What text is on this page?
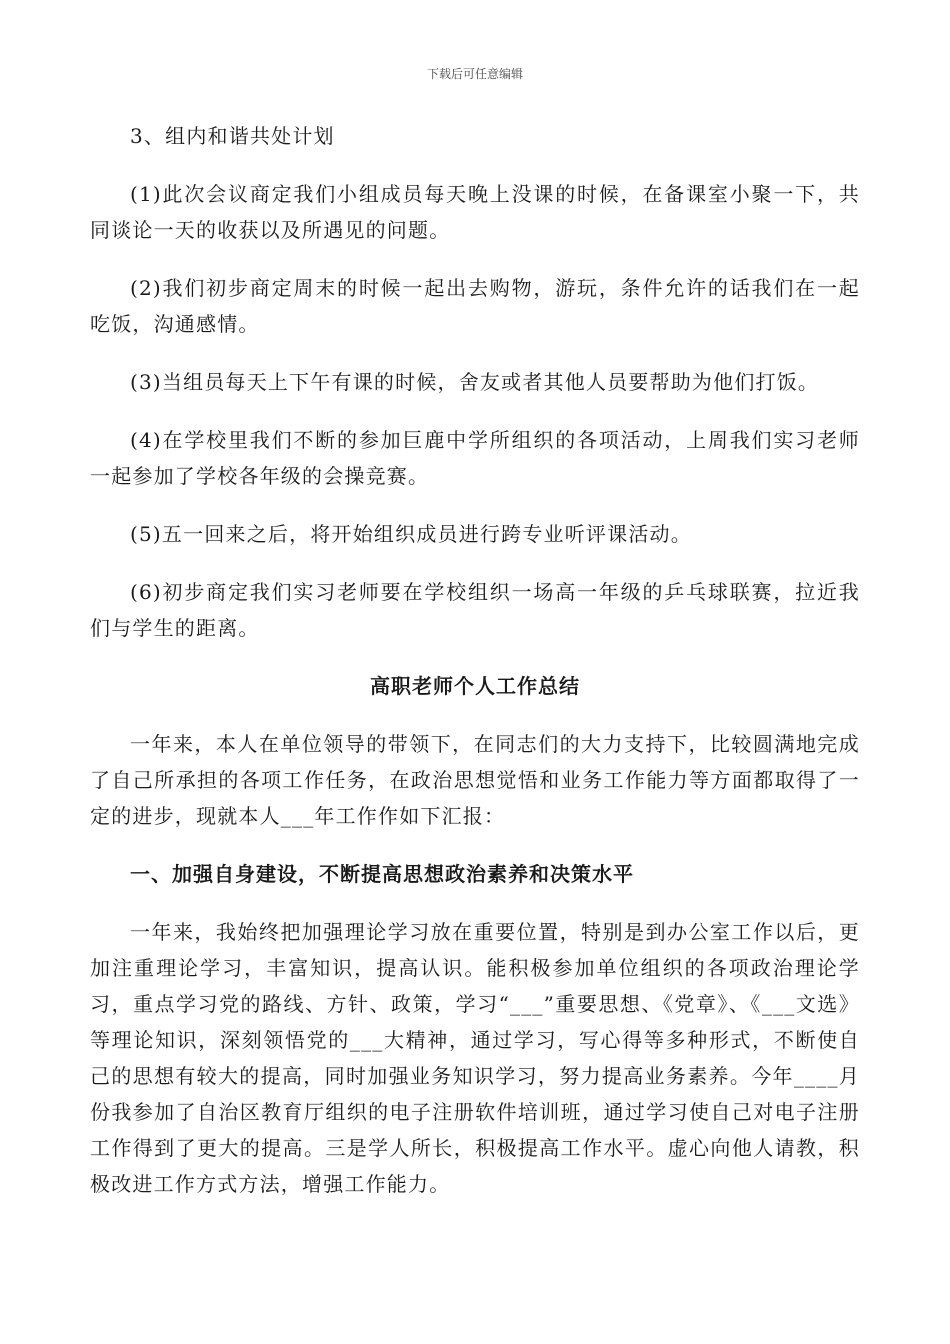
下载后可任意编辑

3、组内和谐共处计划

(1)此次会议商定我们小组成员每天晚上没课的时候，在备课室小聚一下，共同谈论一天的收获以及所遇见的问题。

(2)我们初步商定周末的时候一起出去购物，游玩，条件允许的话我们在一起吃饭，沟通感情。

(3)当组员每天上下午有课的时候，舍友或者其他人员要帮助为他们打饭。

(4)在学校里我们不断的参加巨鹿中学所组织的各项活动，上周我们实习老师一起参加了学校各年级的会操竞赛。

(5)五一回来之后，将开始组织成员进行跨专业听评课活动。

(6)初步商定我们实习老师要在学校组织一场高一年级的乒乓球联赛，拉近我们与学生的距离。

高职老师个人工作总结

一年来，本人在单位领导的带领下，在同志们的大力支持下，比较圆满地完成了自己所承担的各项工作任务，在政治思想觉悟和业务工作能力等方面都取得了一定的进步，现就本人___年工作作如下汇报：

一、加强自身建设，不断提高思想政治素养和决策水平

一年来，我始终把加强理论学习放在重要位置，特别是到办公室工作以后，更加注重理论学习，丰富知识，提高认识。能积极参加单位组织的各项政治理论学习，重点学习党的路线、方针、政策，学习“___”重要思想、《党章》、《___文选》等理论知识，深刻领悟党的___大精神，通过学习，写心得等多种形式，不断使自己的思想有较大的提高，同时加强业务知识学习，努力提高业务素养。今年____月份我参加了自治区教育厅组织的电子注册软件培训班，通过学习使自己对电子注册工作得到了更大的提高。三是学人所长，积极提高工作水平。虚心向他人请教，积极改进工作方式方法，增强工作能力。
